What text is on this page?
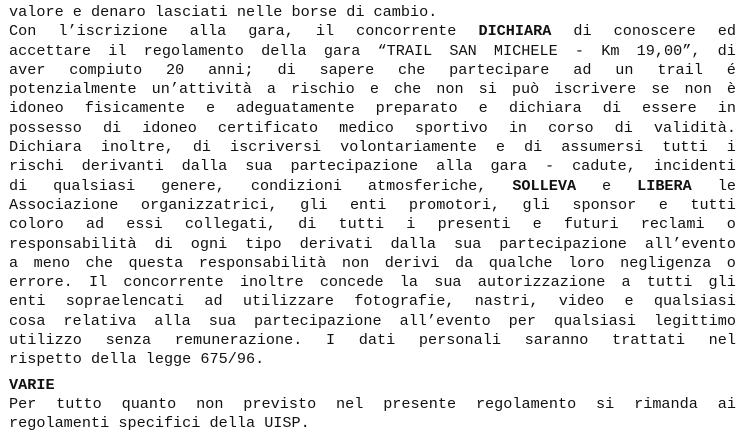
valore e denaro lasciati nelle borse di cambio.
Con l’iscrizione alla gara, il concorrente DICHIARA di conoscere ed
accettare il regolamento della gara “TRAIL SAN MICHELE - Km 19,00”, di
aver compiuto 20 anni; di sapere che partecipare ad un trail é
potenzialmente un’attività a rischio e che non si può iscrivere se non è
idoneo fisicamente e adeguatamente preparato e dichiara di essere in
possesso di idoneo certificato medico sportivo in corso di validità.
Dichiara inoltre, di iscriversi volontariamente e di assumersi tutti i
rischi derivanti dalla sua partecipazione alla gara - cadute, incidenti
di qualsiasi genere, condizioni atmosferiche, SOLLEVA e LIBERA le
Associazione organizzatrici, gli enti promotori, gli sponsor e tutti
coloro ad essi collegati, di tutti i presenti e futuri reclami o
responsabilità di ogni tipo derivati dalla sua partecipazione all’evento
a meno che questa responsabilità non derivi da qualche loro negligenza o
errore. Il concorrente inoltre concede la sua autorizzazione a tutti gli
enti sopraelencati ad utilizzare fotografie, nastri, video e qualsiasi
cosa relativa alla sua partecipazione all’evento per qualsiasi legittimo
utilizzo senza remunerazione. I dati personali saranno trattati nel
rispetto della legge 675/96.
VARIE
Per tutto quanto non previsto nel presente regolamento si rimanda ai
regolamenti specifici della UISP.
